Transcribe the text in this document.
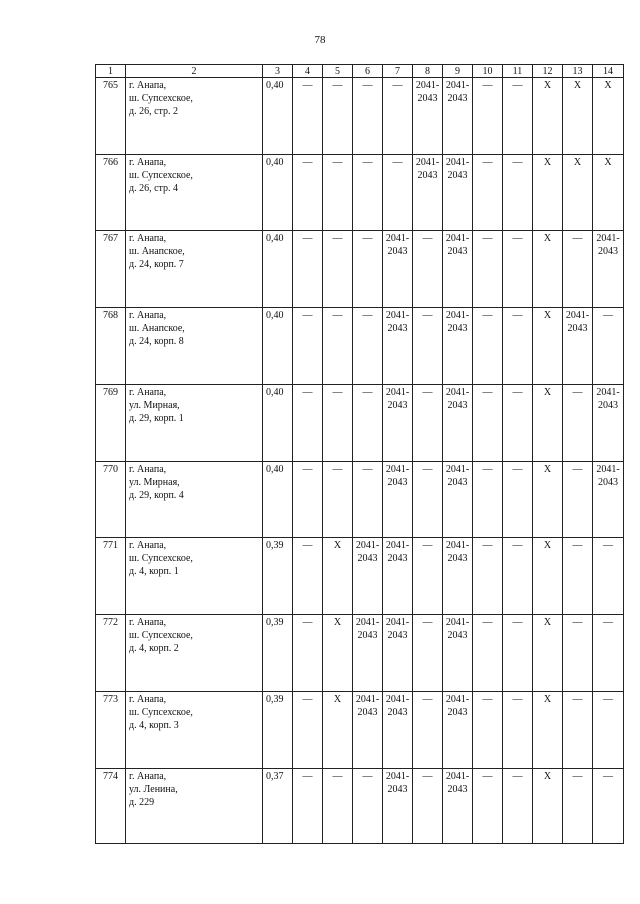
78
1	2	3	4	5	6	7	8	9	10	11	12	13	14
765	г. Анапа,
ш. Супсехское,
д. 26, стр. 2	0,40	—	—	—	—	2041-
2043	2041-
2043	—	—	X	X	X
766	г. Анапа,
ш. Супсехское,
д. 26, стр. 4	0,40	—	—	—	—	2041-
2043	2041-
2043	—	—	X	X	X
767	г. Анапа,
ш. Анапское,
д. 24, корп. 7	0,40	—	—	—	2041-
2043	—	2041-
2043	—	—	X	—	2041-
2043

768	г. Анапа,
ш. Анапское,
д. 24, корп. 8	0,40	—	—	—	2041-
2043	—	2041-
2043	—	—	X	2041-
2043	—
769	г. Анапа,
ул. Мирная,
д. 29, корп. 1	0,40	—	—	—	2041-
2043	—	2041-
2043	—	—	X	—	2041-
2043

770	г. Анапа,
ул. Мирная,
д. 29, корп. 4	0,40	—	—	—	2041-
2043	—	2041-
2043	—	—	X	—	2041-
2043

771	г. Анапа,
ш. Супсехское,
д. 4, корп. 1	0,39	—	X	2041-
2043	2041-
2043	—	2041-
2043	—	—	X	—	—
772	г. Анапа,
ш. Супсехское,
д. 4, корп. 2	0,39	—	X	2041-
2043	2041-
2043	—	2041-
2043	—	—	X	—	—
773	г. Анапа,
ш. Супсехское,
д. 4, корп. 3	0,39	—	X	2041-
2043	2041-
2043	—	2041-
2043	—	—	X	—	—
774	г. Анапа,
ул. Ленина,
д. 229	0,37	—	—	—	2041-
2043	—	2041-
2043	—	—	X	—	—
